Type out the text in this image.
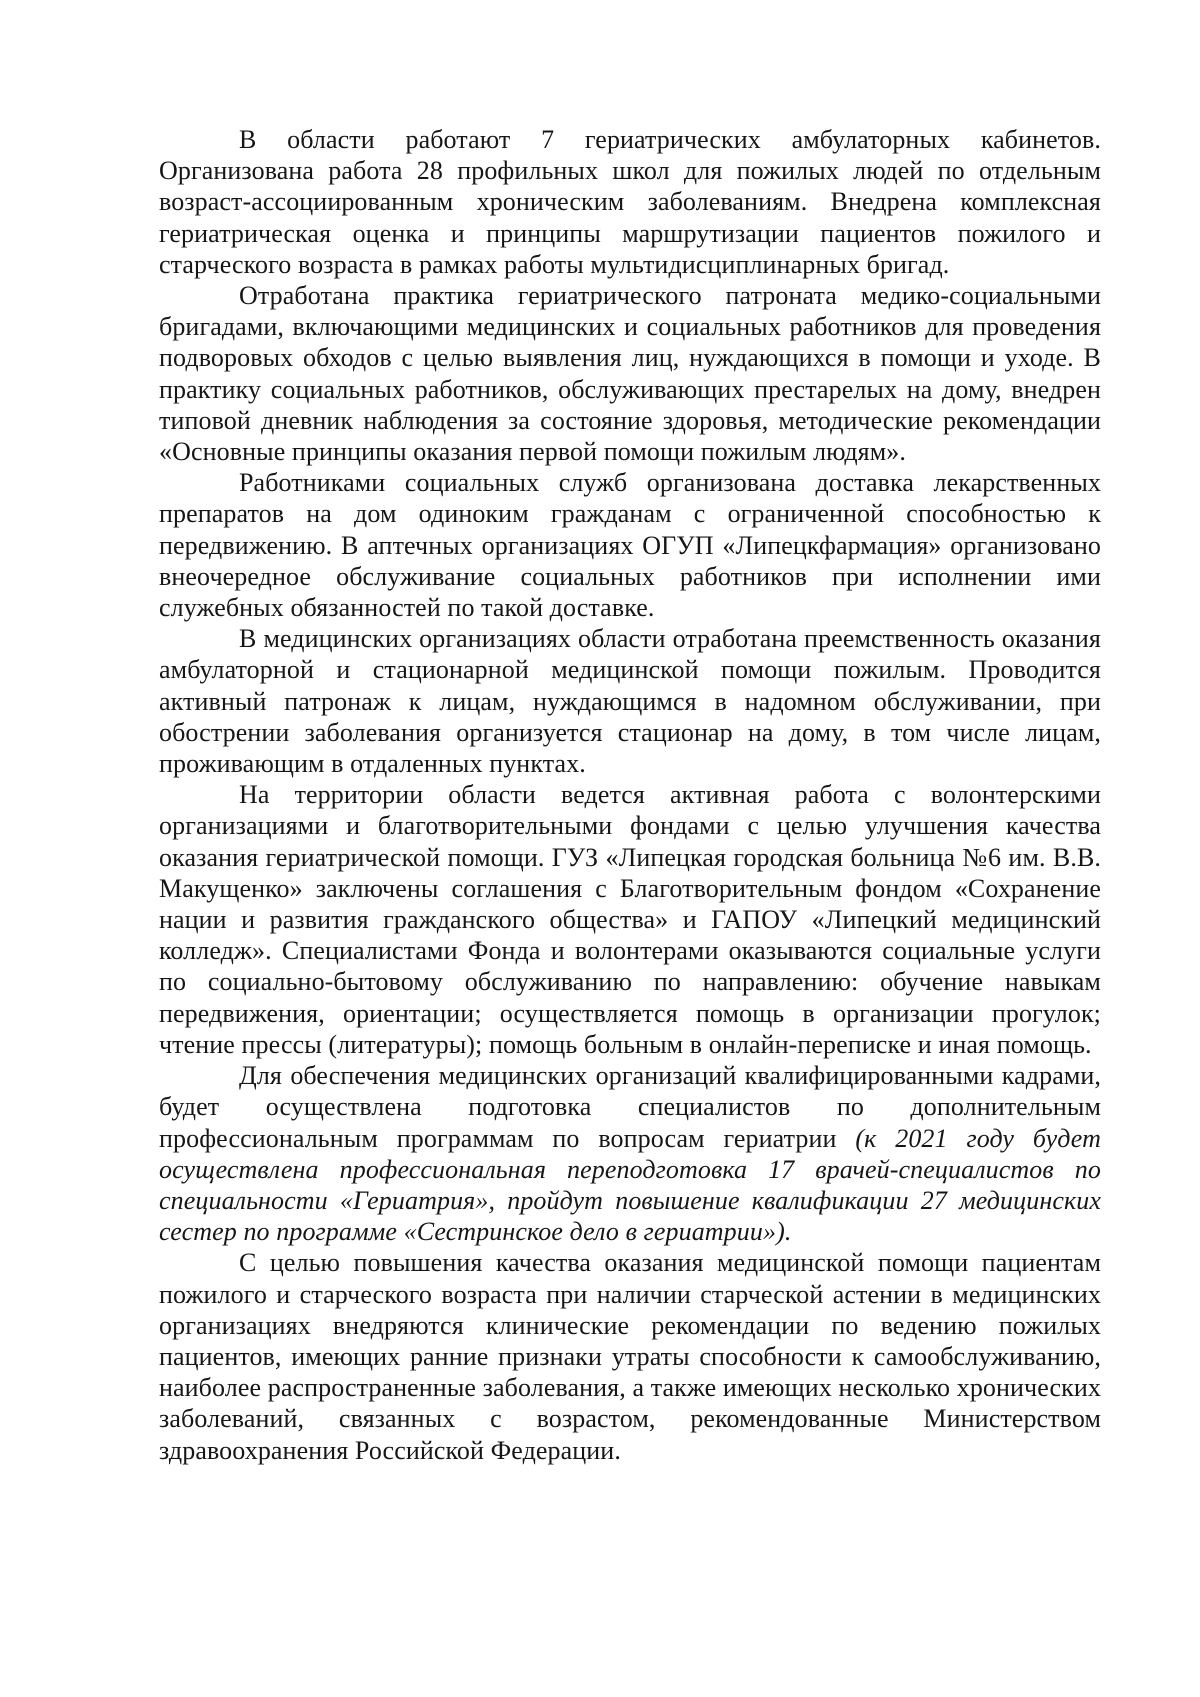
В области работают 7 гериатрических амбулаторных кабинетов. Организована работа 28 профильных школ для пожилых людей по отдельным возраст-ассоциированным хроническим заболеваниям. Внедрена комплексная гериатрическая оценка и принципы маршрутизации пациентов пожилого и старческого возраста в рамках работы мультидисциплинарных бригад.

Отработана практика гериатрического патроната медико-социальными бригадами, включающими медицинских и социальных работников для проведения подворовых обходов с целью выявления лиц, нуждающихся в помощи и уходе. В практику социальных работников, обслуживающих престарелых на дому, внедрен типовой дневник наблюдения за состояние здоровья, методические рекомендации «Основные принципы оказания первой помощи пожилым людям».

Работниками социальных служб организована доставка лекарственных препаратов на дом одиноким гражданам с ограниченной способностью к передвижению. В аптечных организациях ОГУП «Липецкфармация» организовано внеочередное обслуживание социальных работников при исполнении ими служебных обязанностей по такой доставке.

В медицинских организациях области отработана преемственность оказания амбулаторной и стационарной медицинской помощи пожилым. Проводится активный патронаж к лицам, нуждающимся в надомном обслуживании, при обострении заболевания организуется стационар на дому, в том числе лицам, проживающим в отдаленных пунктах.

На территории области ведется активная работа с волонтерскими организациями и благотворительными фондами с целью улучшения качества оказания гериатрической помощи. ГУЗ «Липецкая городская больница №6 им. В.В. Макущенко» заключены соглашения с Благотворительным фондом «Сохранение нации и развития гражданского общества» и ГАПОУ «Липецкий медицинский колледж». Специалистами Фонда и волонтерами оказываются социальные услуги по социально-бытовому обслуживанию по направлению: обучение навыкам передвижения, ориентации; осуществляется помощь в организации прогулок; чтение прессы (литературы); помощь больным в онлайн-переписке и иная помощь.

Для обеспечения медицинских организаций квалифицированными кадрами, будет осуществлена подготовка специалистов по дополнительным профессиональным программам по вопросам гериатрии (к 2021 году будет осуществлена профессиональная переподготовка 17 врачей-специалистов по специальности «Гериатрия», пройдут повышение квалификации 27 медицинских сестер по программе «Сестринское дело в гериатрии»).

С целью повышения качества оказания медицинской помощи пациентам пожилого и старческого возраста при наличии старческой астении в медицинских организациях внедряются клинические рекомендации по ведению пожилых пациентов, имеющих ранние признаки утраты способности к самообслуживанию, наиболее распространенные заболевания, а также имеющих несколько хронических заболеваний, связанных с возрастом, рекомендованные Министерством здравоохранения Российской Федерации.
